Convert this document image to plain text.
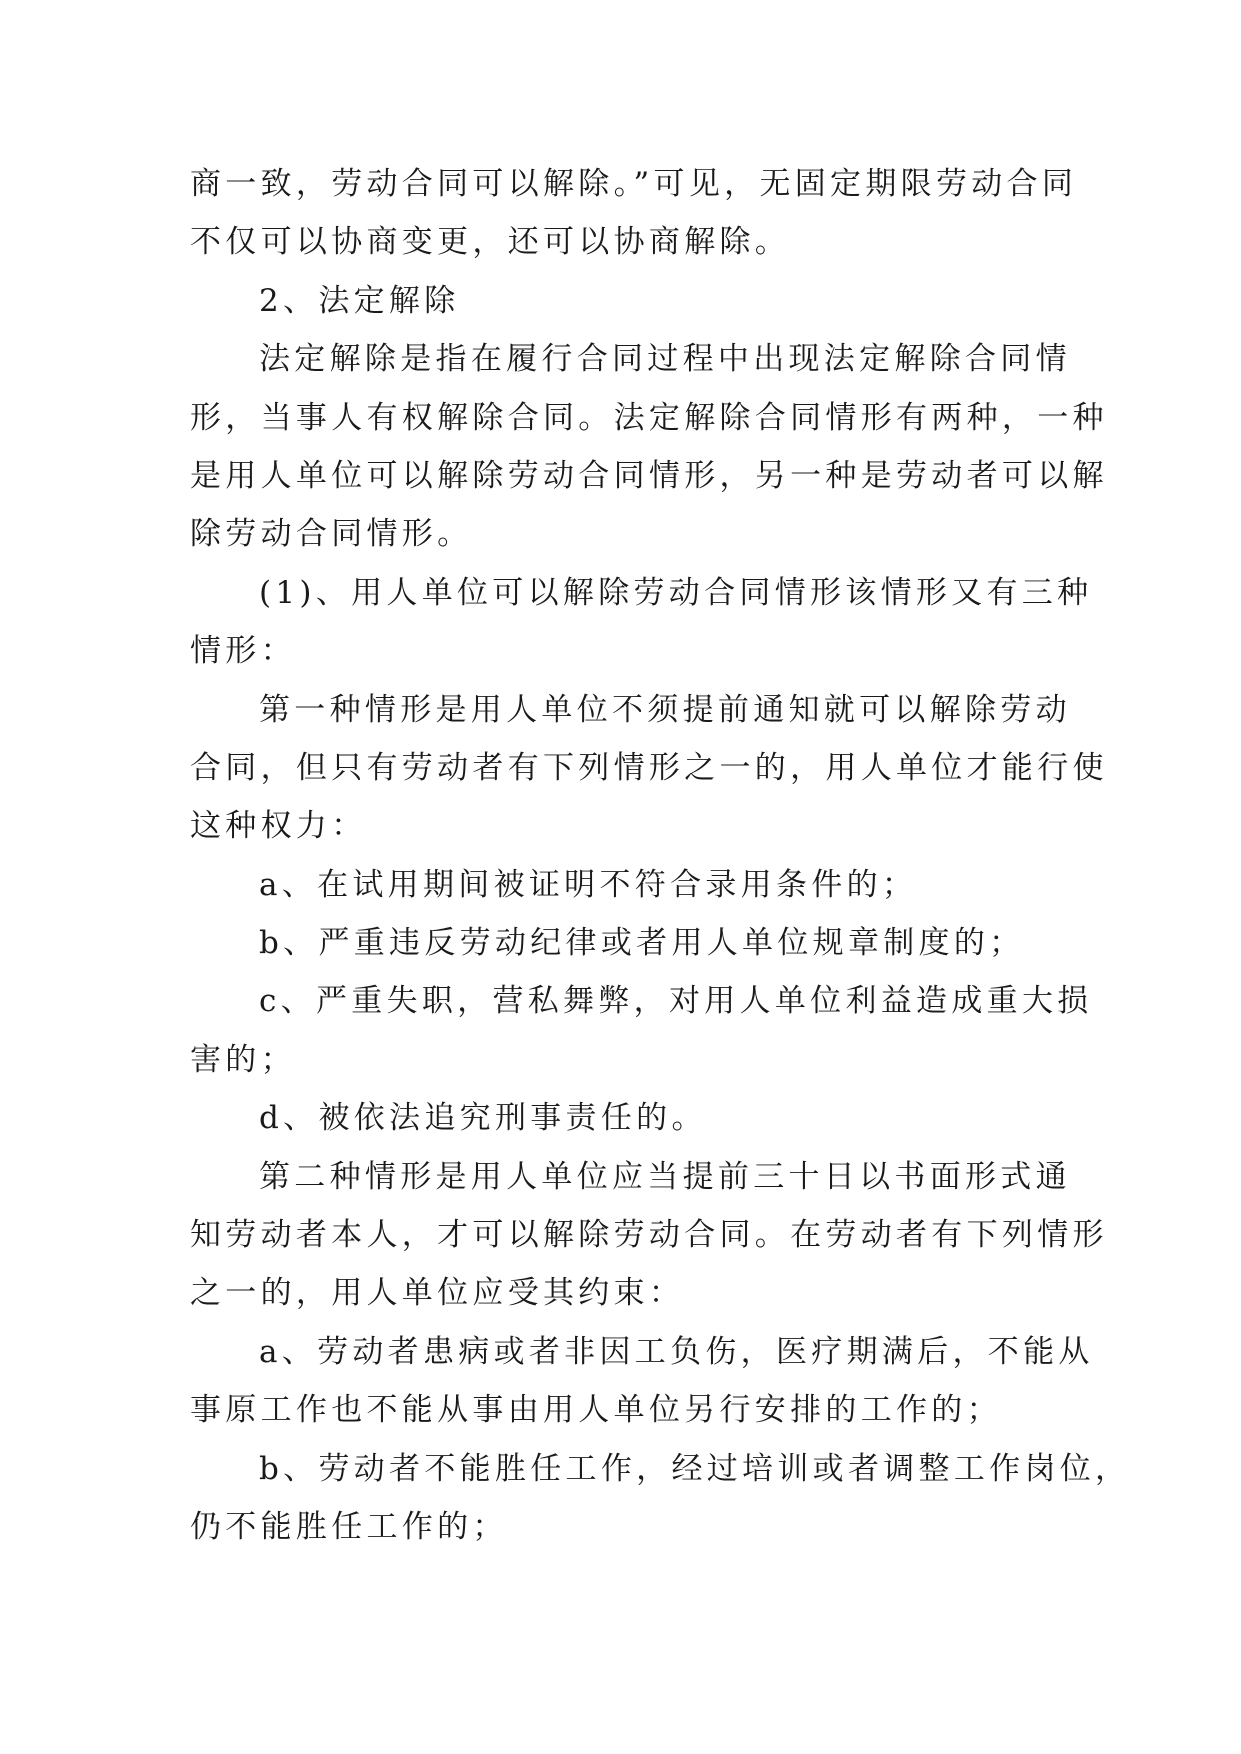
商一致，劳动合同可以解除。”可见，无固定期限劳动合同
不仅可以协商变更，还可以协商解除。
2、法定解除
法定解除是指在履行合同过程中出现法定解除合同情
形，当事人有权解除合同。法定解除合同情形有两种，一种
是用人单位可以解除劳动合同情形，另一种是劳动者可以解
除劳动合同情形。
(1)、用人单位可以解除劳动合同情形该情形又有三种
情形：
第一种情形是用人单位不须提前通知就可以解除劳动
合同，但只有劳动者有下列情形之一的，用人单位才能行使
这种权力：
a、在试用期间被证明不符合录用条件的；
b、严重违反劳动纪律或者用人单位规章制度的；
c、严重失职，营私舞弊，对用人单位利益造成重大损
害的；
d、被依法追究刑事责任的。
第二种情形是用人单位应当提前三十日以书面形式通
知劳动者本人，才可以解除劳动合同。在劳动者有下列情形
之一的，用人单位应受其约束：
a、劳动者患病或者非因工负伤，医疗期满后，不能从
事原工作也不能从事由用人单位另行安排的工作的；
b、劳动者不能胜任工作，经过培训或者调整工作岗位，
仍不能胜任工作的；
